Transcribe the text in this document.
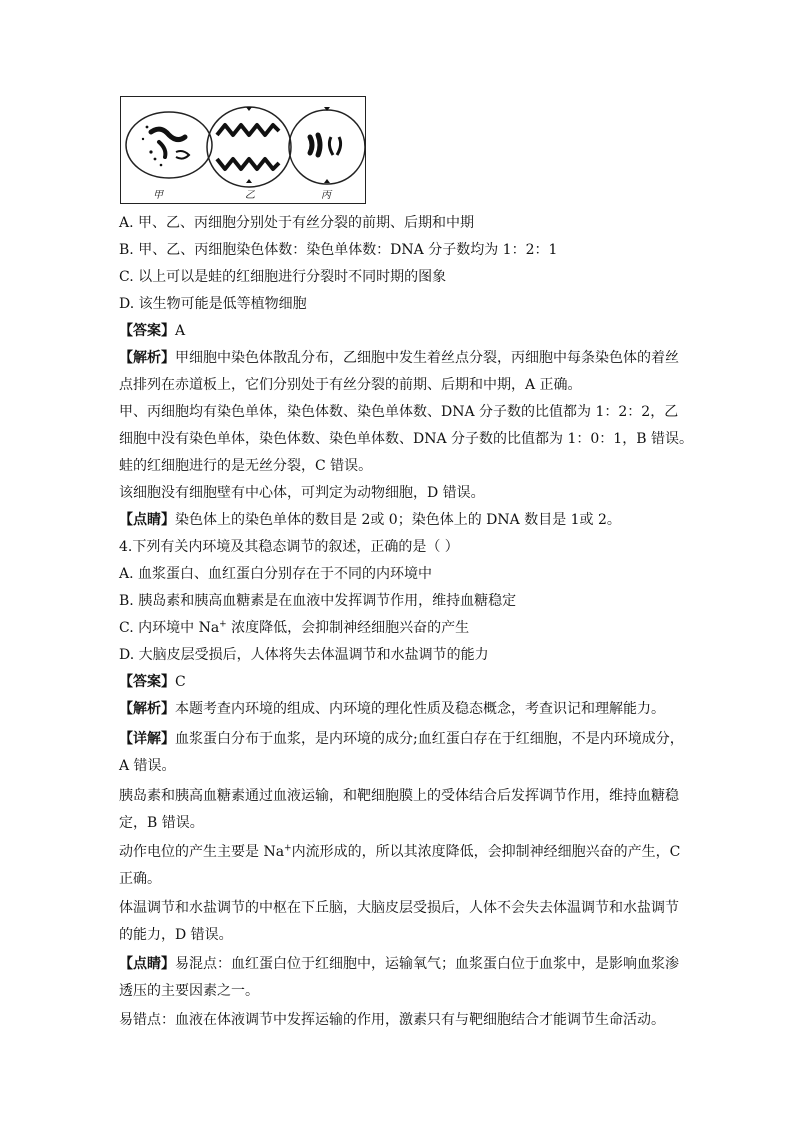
甲	乙	丙
A. 甲、乙、丙细胞分别处于有丝分裂的前期、后期和中期
B. 甲、乙、丙细胞染色体数：染色单体数：DNA 分子数均为 1：2：1
C. 以上可以是蛙的红细胞进行分裂时不同时期的图象
D. 该生物可能是低等植物细胞
【答案】A
【解析】甲细胞中染色体散乱分布，乙细胞中发生着丝点分裂，丙细胞中每条染色体的着丝
点排列在赤道板上，它们分别处于有丝分裂的前期、后期和中期，A 正确。
甲、丙细胞均有染色单体，染色体数、染色单体数、DNA 分子数的比值都为 1：2：2，乙
细胞中没有染色单体，染色体数、染色单体数、DNA 分子数的比值都为 1：0：1，B 错误。
蛙的红细胞进行的是无丝分裂，C 错误。
该细胞没有细胞壁有中心体，可判定为动物细胞，D 错误。
【点睛】染色体上的染色单体的数目是 2或 0；染色体上的 DNA 数目是 1或 2。
4.下列有关内环境及其稳态调节的叙述，正确的是（ ）
A. 血浆蛋白、血红蛋白分别存在于不同的内环境中
B. 胰岛素和胰高血糖素是在血液中发挥调节作用，维持血糖稳定
C. 内环境中 Na+ 浓度降低，会抑制神经细胞兴奋的产生
D. 大脑皮层受损后，人体将失去体温调节和水盐调节的能力
【答案】C
【解析】本题考查内环境的组成、内环境的理化性质及稳态概念，考查识记和理解能力。
【详解】血浆蛋白分布于血浆，是内环境的成分;血红蛋白存在于红细胞，不是内环境成分，
A 错误。
胰岛素和胰高血糖素通过血液运输，和靶细胞膜上的受体结合后发挥调节作用，维持血糖稳
定，B 错误。
动作电位的产生主要是 Na+内流形成的，所以其浓度降低，会抑制神经细胞兴奋的产生，C
正确。
体温调节和水盐调节的中枢在下丘脑，大脑皮层受损后，人体不会失去体温调节和水盐调节
的能力，D 错误。
【点睛】易混点：血红蛋白位于红细胞中，运输氧气；血浆蛋白位于血浆中，是影响血浆渗
透压的主要因素之一。
易错点：血液在体液调节中发挥运输的作用，激素只有与靶细胞结合才能调节生命活动。
